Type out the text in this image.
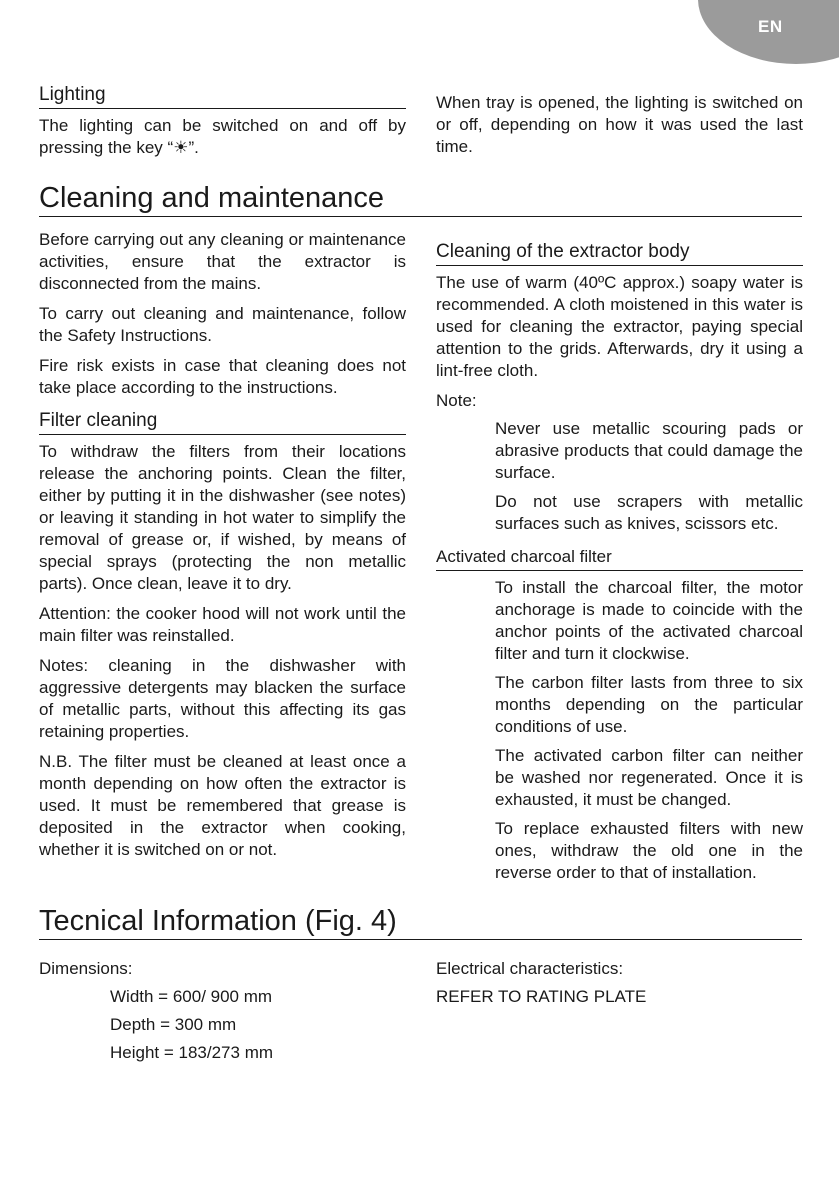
EN
Lighting

The lighting can be switched on and off by pressing the key “☀”.

When tray is opened, the lighting is switched on or off, depending on how it was used the last time.

Cleaning and maintenance

Before carrying out any cleaning or maintenance activities, ensure that the extractor is disconnected from the mains.

To carry out cleaning and maintenance, follow the Safety Instructions.

Fire risk exists in case that cleaning does not take place according to the instructions.

Filter cleaning

To withdraw the filters from their locations release the anchoring points. Clean the filter, either by putting it in the dishwasher (see notes) or leaving it standing in hot water to simplify the removal of grease or, if wished, by means of special sprays (protecting the non metallic parts). Once clean, leave it to dry.

Attention: the cooker hood will not work until the main filter was reinstalled.

Notes: cleaning in the dishwasher with aggressive detergents may blacken the surface of metallic parts, without this affecting its gas retaining properties.

N.B. The filter must be cleaned at least once a month depending on how often the extractor is used. It must be remembered that grease is deposited in the extractor when cooking, whether it is switched on or not.

Cleaning of the extractor body

The use of warm (40ºC approx.) soapy water is recommended. A cloth moistened in this water is used for cleaning the extractor, paying special attention to the grids. Afterwards, dry it using a lint-free cloth.

Note:

Never use metallic scouring pads or abrasive products that could damage the surface.

Do not use scrapers with metallic surfaces such as knives, scissors etc.

Activated charcoal filter

To install the charcoal filter, the motor anchorage is made to coincide with the anchor points of the activated charcoal filter and turn it clockwise.

The carbon filter lasts from three to six months depending on the particular conditions of use.

The activated carbon filter can neither be washed nor regenerated. Once it is exhausted, it must be changed.

To replace exhausted filters with new ones, withdraw the old one in the reverse order to that of installation.

Tecnical Information (Fig. 4)
Dimensions:
Width = 600/ 900 mm
Depth = 300 mm
Height = 183/273 mm
Electrical characteristics:
REFER TO RATING PLATE
